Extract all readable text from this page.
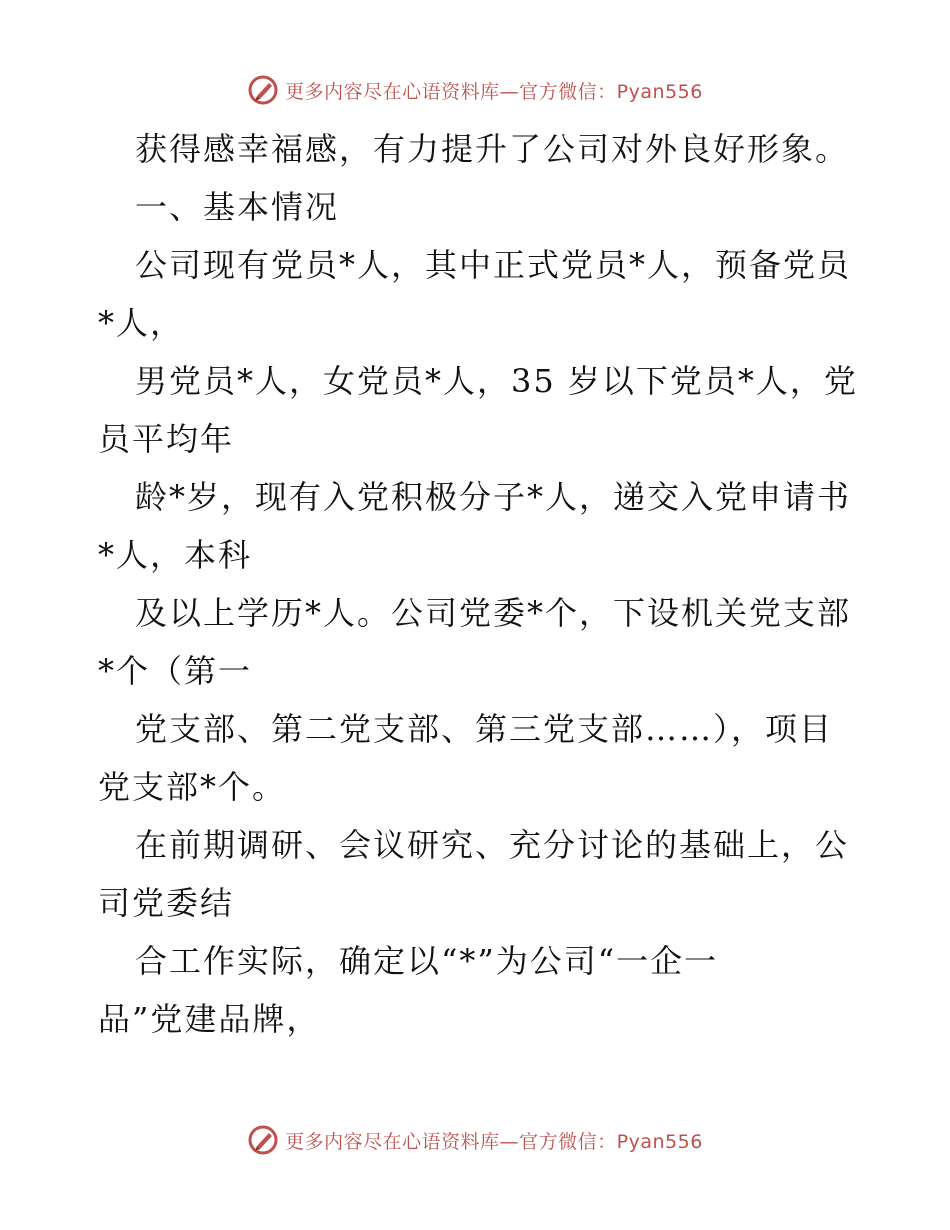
更多内容尽在心语资料库—官方微信：Pyan556
获得感幸福感，有力提升了公司对外良好形象。
一、基本情况
公司现有党员*人，其中正式党员*人，预备党员
*人，
男党员*人，女党员*人，35 岁以下党员*人，党
员平均年
龄*岁，现有入党积极分子*人，递交入党申请书
*人，本科
及以上学历*人。公司党委*个，下设机关党支部
*个（第一
党支部、第二党支部、第三党支部……），项目
党支部*个。
在前期调研、会议研究、充分讨论的基础上，公
司党委结
合工作实际，确定以“*”为公司“一企一
品”党建品牌，
更多内容尽在心语资料库—官方微信：Pyan556
